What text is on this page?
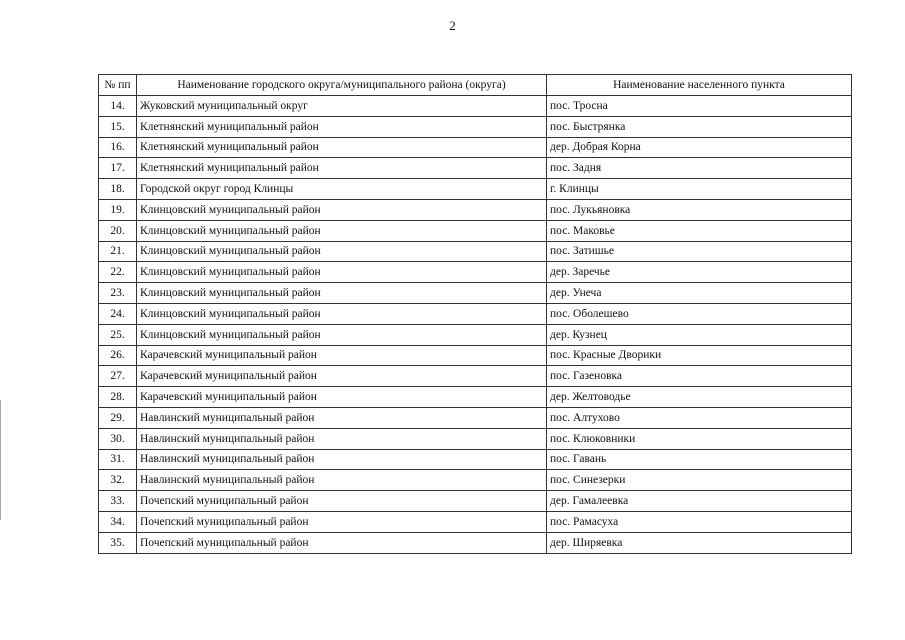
2
№ пп	Наименование городского округа/муниципального района (округа)	Наименование населенного пункта
14.	Жуковский муниципальный округ	пос. Тросна
15.	Клетнянский муниципальный район	пос. Быстрянка
16.	Клетнянский муниципальный район	дер. Добрая Корна
17.	Клетнянский муниципальный район	пос. Задня
18.	Городской округ город Клинцы	г. Клинцы
19.	Клинцовский муниципальный район	пос. Лукьяновка
20.	Клинцовский муниципальный район	пос. Маковье
21.	Клинцовский муниципальный район	пос. Затишье
22.	Клинцовский муниципальный район	дер. Заречье
23.	Клинцовский муниципальный район	дер. Унеча
24.	Клинцовский муниципальный район	пос. Оболешево
25.	Клинцовский муниципальный район	дер. Кузнец
26.	Карачевский муниципальный район	пос. Красные Дворики
27.	Карачевский муниципальный район	пос. Газеновка
28.	Карачевский муниципальный район	дер. Желтоводье
29.	Навлинский муниципальный район	пос. Алтухово
30.	Навлинский муниципальный район	пос. Клюковники
31.	Навлинский муниципальный район	пос. Гавань
32.	Навлинский муниципальный район	пос. Синезерки
33.	Почепский муниципальный район	дер. Гамалеевка
34.	Почепский муниципальный район	пос. Рамасуха
35.	Почепский муниципальный район	дер. Ширяевка
